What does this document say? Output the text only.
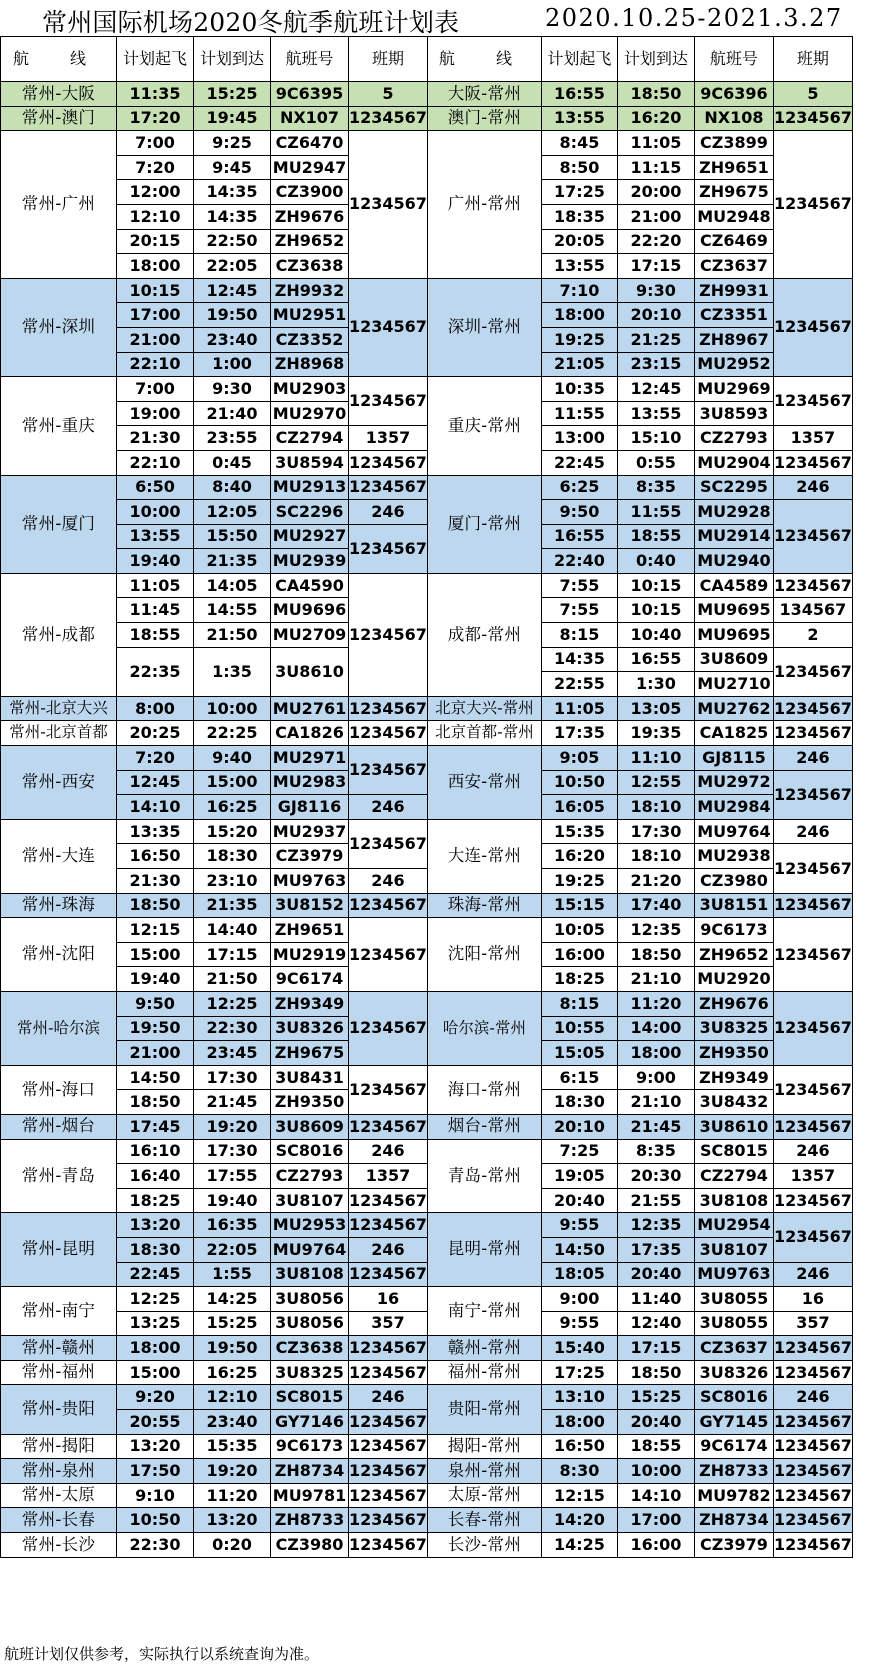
常州国际机场2020冬航季航班计划表	2020.10.25-2021.3.27
航 线	计划起飞	计划到达	航班号	班期	航 线	计划起飞	计划到达	航班号	班期
常州-大阪	11:35	15:25	9C6395	5	大阪-常州	16:55	18:50	9C6396	5
常州-澳门	17:20	19:45	NX107	1234567	澳门-常州	13:55	16:20	NX108	1234567
常州-广州	7:00	9:25	CZ6470	1234567	广州-常州	8:45	11:05	CZ3899	1234567
	7:20	9:45	MU2947			8:50	11:15	ZH9651	
	12:00	14:35	CZ3900			17:25	20:00	ZH9675	
	12:10	14:35	ZH9676			18:35	21:00	MU2948	
	20:15	22:50	ZH9652			20:05	22:20	CZ6469	
	18:00	22:05	CZ3638			13:55	17:15	CZ3637	
常州-深圳	10:15	12:45	ZH9932	1234567	深圳-常州	7:10	9:30	ZH9931	1234567
	17:00	19:50	MU2951			18:00	20:10	CZ3351	
	21:00	23:40	CZ3352			19:25	21:25	ZH8967	
	22:10	1:00	ZH8968			21:05	23:15	MU2952	
常州-重庆	7:00	9:30	MU2903	1234567	重庆-常州	10:35	12:45	MU2969	1234567
	19:00	21:40	MU2970			11:55	13:55	3U8593	
	21:30	23:55	CZ2794	1357		13:00	15:10	CZ2793	1357
	22:10	0:45	3U8594	1234567		22:45	0:55	MU2904	1234567
常州-厦门	6:50	8:40	MU2913	1234567	厦门-常州	6:25	8:35	SC2295	246
	10:00	12:05	SC2296	246		9:50	11:55	MU2928	1234567
	13:55	15:50	MU2927	1234567		16:55	18:55	MU2914	
	19:40	21:35	MU2939			22:40	0:40	MU2940	
常州-成都	11:05	14:05	CA4590	1234567	成都-常州	7:55	10:15	CA4589	1234567
	11:45	14:55	MU9696			7:55	10:15	MU9695	134567
	18:55	21:50	MU2709			8:15	10:40	MU9695	2
	22:35	1:35	3U8610			14:35	16:55	3U8609	1234567
						22:55	1:30	MU2710	
常州-北京大兴	8:00	10:00	MU2761	1234567	北京大兴-常州	11:05	13:05	MU2762	1234567
常州-北京首都	20:25	22:25	CA1826	1234567	北京首都-常州	17:35	19:35	CA1825	1234567
常州-西安	7:20	9:40	MU2971	1234567	西安-常州	9:05	11:10	GJ8115	246
	12:45	15:00	MU2983			10:50	12:55	MU2972	1234567
	14:10	16:25	GJ8116	246		16:05	18:10	MU2984	
常州-大连	13:35	15:20	MU2937	1234567	大连-常州	15:35	17:30	MU9764	246
	16:50	18:30	CZ3979			16:20	18:10	MU2938	1234567
	21:30	23:10	MU9763	246		19:25	21:20	CZ3980	
常州-珠海	18:50	21:35	3U8152	1234567	珠海-常州	15:15	17:40	3U8151	1234567
常州-沈阳	12:15	14:40	ZH9651	1234567	沈阳-常州	10:05	12:35	9C6173	1234567
	15:00	17:15	MU2919			16:00	18:50	ZH9652	
	19:40	21:50	9C6174			18:25	21:10	MU2920	
常州-哈尔滨	9:50	12:25	ZH9349	1234567	哈尔滨-常州	8:15	11:20	ZH9676	1234567
	19:50	22:30	3U8326			10:55	14:00	3U8325	
	21:00	23:45	ZH9675			15:05	18:00	ZH9350	
常州-海口	14:50	17:30	3U8431	1234567	海口-常州	6:15	9:00	ZH9349	1234567
	18:50	21:45	ZH9350			18:30	21:10	3U8432	
常州-烟台	17:45	19:20	3U8609	1234567	烟台-常州	20:10	21:45	3U8610	1234567
常州-青岛	16:10	17:30	SC8016	246	青岛-常州	7:25	8:35	SC8015	246
	16:40	17:55	CZ2793	1357		19:05	20:30	CZ2794	1357
	18:25	19:40	3U8107	1234567		20:40	21:55	3U8108	1234567
常州-昆明	13:20	16:35	MU2953	1234567	昆明-常州	9:55	12:35	MU2954	1234567
	18:30	22:05	MU9764	246		14:50	17:35	3U8107	
	22:45	1:55	3U8108	1234567		18:05	20:40	MU9763	246
常州-南宁	12:25	14:25	3U8056	16	南宁-常州	9:00	11:40	3U8055	16
	13:25	15:25	3U8056	357		9:55	12:40	3U8055	357
常州-赣州	18:00	19:50	CZ3638	1234567	赣州-常州	15:40	17:15	CZ3637	1234567
常州-福州	15:00	16:25	3U8325	1234567	福州-常州	17:25	18:50	3U8326	1234567
常州-贵阳	9:20	12:10	SC8015	246	贵阳-常州	13:10	15:25	SC8016	246
	20:55	23:40	GY7146	1234567		18:00	20:40	GY7145	1234567
常州-揭阳	13:20	15:35	9C6173	1234567	揭阳-常州	16:50	18:55	9C6174	1234567
常州-泉州	17:50	19:20	ZH8734	1234567	泉州-常州	8:30	10:00	ZH8733	1234567
常州-太原	9:10	11:20	MU9781	1234567	太原-常州	12:15	14:10	MU9782	1234567
常州-长春	10:50	13:20	ZH8733	1234567	长春-常州	14:20	17:00	ZH8734	1234567
常州-长沙	22:30	0:20	CZ3980	1234567	长沙-常州	14:25	16:00	CZ3979	1234567
航班计划仅供参考，实际执行以系统查询为准。
